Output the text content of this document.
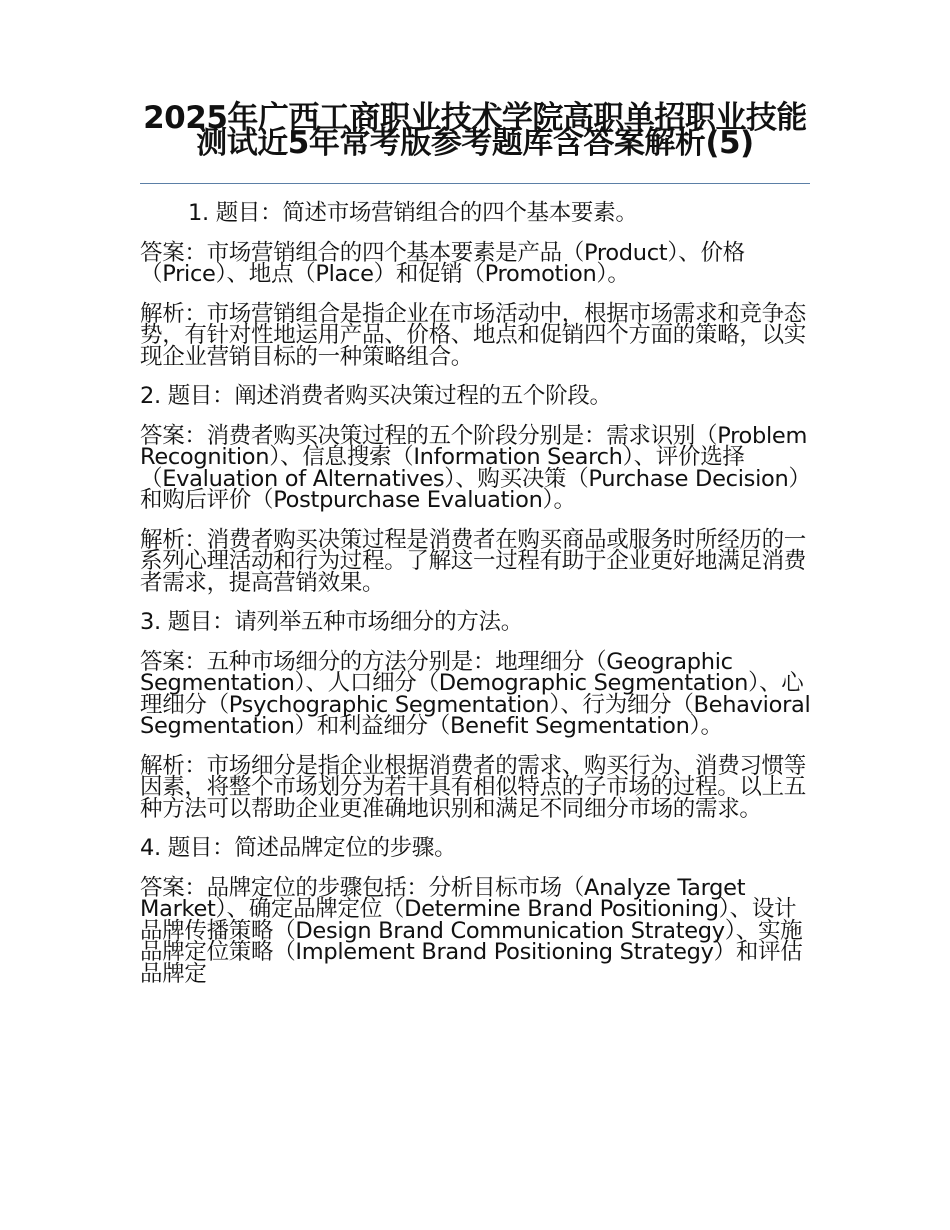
2025年广西工商职业技术学院高职单招职业技能测试近5年常考版参考题库含答案解析(5)

1. 题目：简述市场营销组合的四个基本要素。

答案：市场营销组合的四个基本要素是产品（Product）、价格（Price）、地点（Place）和促销（Promotion）。

解析：市场营销组合是指企业在市场活动中，根据市场需求和竞争态势，有针对性地运用产品、价格、地点和促销四个方面的策略，以实现企业营销目标的一种策略组合。

2. 题目：阐述消费者购买决策过程的五个阶段。

答案：消费者购买决策过程的五个阶段分别是：需求识别（Problem Recognition）、信息搜索（Information Search）、评价选择（Evaluation of Alternatives）、购买决策（Purchase Decision）和购后评价（Postpurchase Evaluation）。

解析：消费者购买决策过程是消费者在购买商品或服务时所经历的一系列心理活动和行为过程。了解这一过程有助于企业更好地满足消费者需求，提高营销效果。

3. 题目：请列举五种市场细分的方法。

答案：五种市场细分的方法分别是：地理细分（Geographic Segmentation）、人口细分（Demographic Segmentation）、心理细分（Psychographic Segmentation）、行为细分（Behavioral Segmentation）和利益细分（Benefit Segmentation）。

解析：市场细分是指企业根据消费者的需求、购买行为、消费习惯等因素，将整个市场划分为若干具有相似特点的子市场的过程。以上五种方法可以帮助企业更准确地识别和满足不同细分市场的需求。

4. 题目：简述品牌定位的步骤。

答案：品牌定位的步骤包括：分析目标市场（Analyze Target Market）、确定品牌定位（Determine Brand Positioning）、设计品牌传播策略（Design Brand Communication Strategy）、实施品牌定位策略（Implement Brand Positioning Strategy）和评估品牌定
